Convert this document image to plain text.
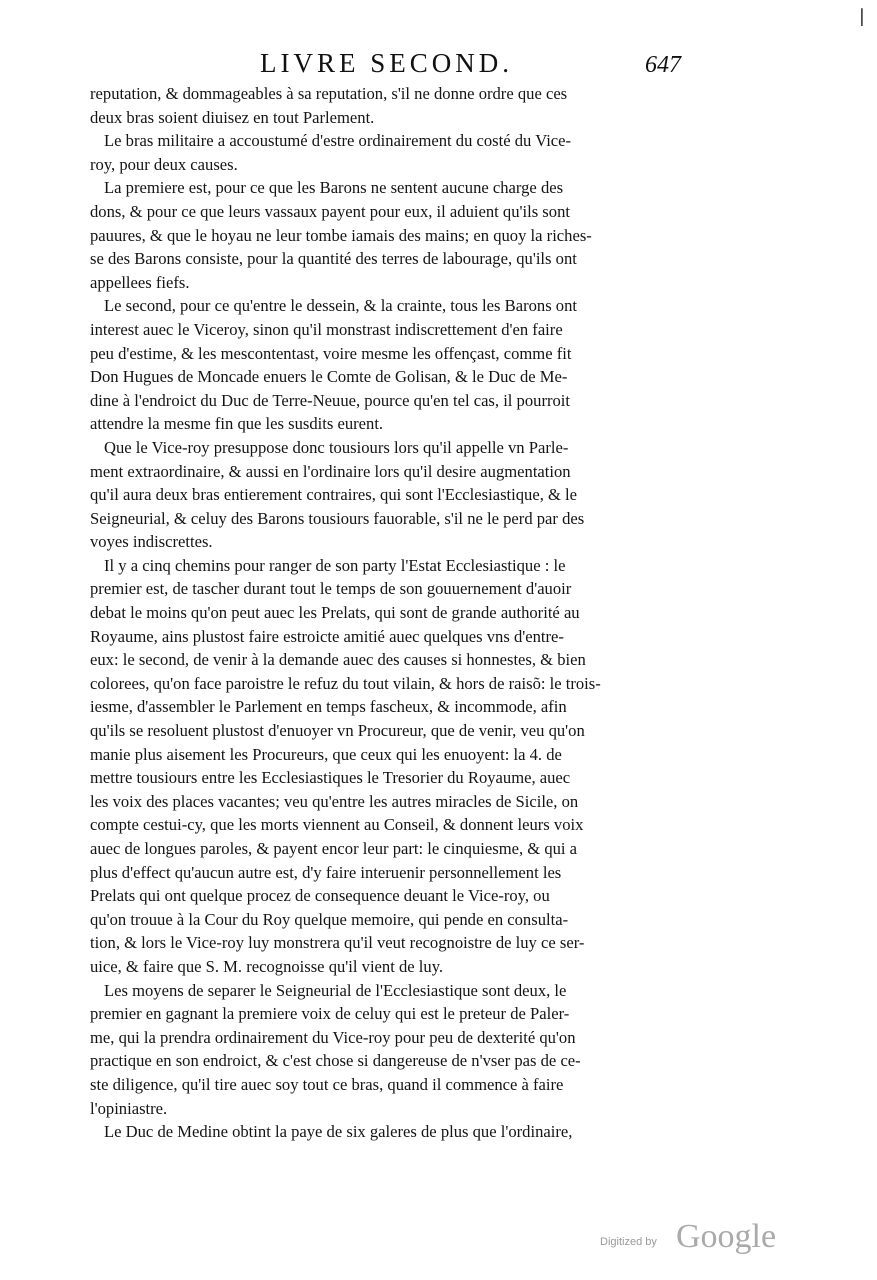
|
LIVRE SECOND.	647
reputation, & dommageables à sa reputation, s'il ne donne ordre que ces
deux bras soient diuisez en tout Parlement.
Le bras militaire a accoustumé d'estre ordinairement du costé du Vice-
roy, pour deux causes.
La premiere est, pour ce que les Barons ne sentent aucune charge des
dons, & pour ce que leurs vassaux payent pour eux, il aduient qu'ils sont
pauures, & que le hoyau ne leur tombe iamais des mains; en quoy la riches-
se des Barons consiste, pour la quantité des terres de labourage, qu'ils ont
appellees fiefs.
Le second, pour ce qu'entre le dessein, & la crainte, tous les Barons ont
interest auec le Viceroy, sinon qu'il monstrast indiscrettement d'en faire
peu d'estime, & les mescontentast, voire mesme les offençast, comme fit
Don Hugues de Moncade enuers le Comte de Golisan, & le Duc de Me-
dine à l'endroict du Duc de Terre-Neuue, pource qu'en tel cas, il pourroit
attendre la mesme fin que les susdits eurent.
Que le Vice-roy presuppose donc tousiours lors qu'il appelle vn Parle-
ment extraordinaire, & aussi en l'ordinaire lors qu'il desire augmentation
qu'il aura deux bras entierement contraires, qui sont l'Ecclesiastique, & le
Seigneurial, & celuy des Barons tousiours fauorable, s'il ne le perd par des
voyes indiscrettes.
Il y a cinq chemins pour ranger de son party l'Estat Ecclesiastique : le
premier est, de tascher durant tout le temps de son gouuernement d'auoir
debat le moins qu'on peut auec les Prelats, qui sont de grande authorité au
Royaume, ains plustost faire estroicte amitié auec quelques vns d'entre-
eux: le second, de venir à la demande auec des causes si honnestes, & bien
colorees, qu'on face paroistre le refuz du tout vilain, & hors de raisõ: le trois-
iesme, d'assembler le Parlement en temps fascheux, & incommode, afin
qu'ils se resoluent plustost d'enuoyer vn Procureur, que de venir, veu qu'on
manie plus aisement les Procureurs, que ceux qui les enuoyent: la 4. de
mettre tousiours entre les Ecclesiastiques le Tresorier du Royaume, auec
les voix des places vacantes; veu qu'entre les autres miracles de Sicile, on
compte cestui-cy, que les morts viennent au Conseil, & donnent leurs voix
auec de longues paroles, & payent encor leur part: le cinquiesme, & qui a
plus d'effect qu'aucun autre est, d'y faire interuenir personnellement les
Prelats qui ont quelque procez de consequence deuant le Vice-roy, ou
qu'on trouue à la Cour du Roy quelque memoire, qui pende en consulta-
tion, & lors le Vice-roy luy monstrera qu'il veut recognoistre de luy ce ser-
uice, & faire que S. M. recognoisse qu'il vient de luy.
Les moyens de separer le Seigneurial de l'Ecclesiastique sont deux, le
premier en gagnant la premiere voix de celuy qui est le preteur de Paler-
me, qui la prendra ordinairement du Vice-roy pour peu de dexterité qu'on
practique en son endroict, & c'est chose si dangereuse de n'vser pas de ce-
ste diligence, qu'il tire auec soy tout ce bras, quand il commence à faire
l'opiniastre.
Le Duc de Medine obtint la paye de six galeres de plus que l'ordinaire,
Digitized by Google
